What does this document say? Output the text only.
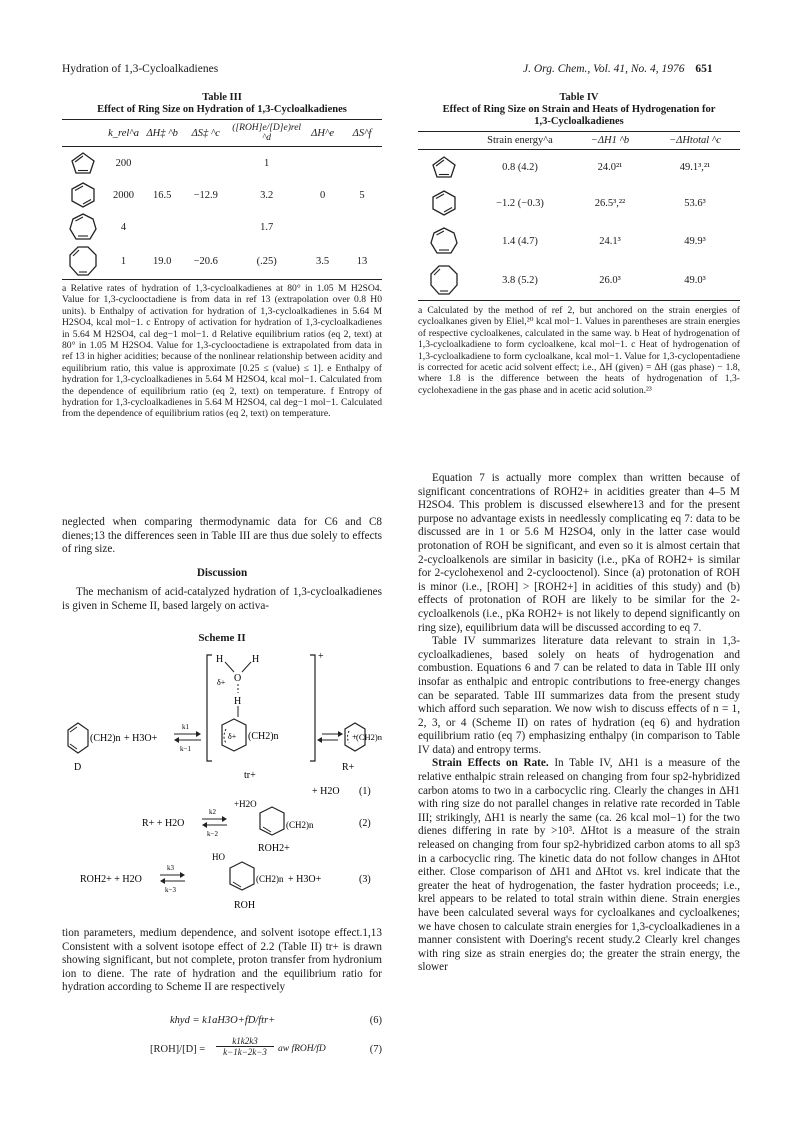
Hydration of 1,3-Cycloalkadienes	J. Org. Chem., Vol. 41, No. 4, 1976 651
Table III
Effect of Ring Size on Hydration of 1,3-Cycloalkadienes
	k_rel^a	ΔH‡ ^b	ΔS‡ ^c	([ROH]e/[D]e)rel ^d	ΔH^e	ΔS^f

	200			1		

	2000	16.5	−12.9	3.2	0	5

	4			1.7		

	1	19.0	−20.6	(.25)	3.5	13
a Relative rates of hydration of 1,3-cycloalkadienes at 80° in 1.05 M H2SO4. Value for 1,3-cyclooctadiene is from data in ref 13 (extrapolation over 0.8 H0 units). b Enthalpy of activation for hydration of 1,3-cycloalkadienes in 5.64 M H2SO4, kcal mol−1. c Entropy of activation for hydration of 1,3-cycloalkadienes in 5.64 M H2SO4, cal deg−1 mol−1. d Relative equilibrium ratios (eq 2, text) at 80° in 1.05 M H2SO4. Value for 1,3-cyclooctadiene is extrapolated from data in ref 13 in higher acidities; because of the nonlinear relationship between acidity and equilibrium ratio, this value is approximate [0.25 ≤ (value) ≤ 1]. e Enthalpy of hydration for 1,3-cycloalkadienes in 5.64 M H2SO4, kcal mol−1. Calculated from the dependence of equilibrium ratio (eq 2, text) on temperature. f Entropy of hydration for 1,3-cycloalkadienes in 5.64 M H2SO4, cal deg−1 mol−1. Calculated from the dependence of equilibrium ratios (eq 2, text) on temperature.

neglected when comparing thermodynamic data for C6 and C8 dienes;13 the differences seen in Table III are thus due solely to effects of ring size.

Discussion

The mechanism of acid-catalyzed hydration of 1,3-cycloalkadienes is given in Scheme II, based largely on activa-

Scheme II
(CH2)n + H3O+
D
k1
k−1
+
H	H
O
δ+
H
δ+ (CH2)n
tr+
+
(CH2)n
R+
+ H2O (1)
R+ + H2O
k2
k−2
+H2O
(CH2)n
ROH2+
(2)
ROH2+ + H2O
k3
k−3
HO
(CH2)n + H3O+	(3)
ROH

tion parameters, medium dependence, and solvent isotope effect.1,13 Consistent with a solvent isotope effect of 2.2 (Table II) tr+ is drawn showing significant, but not complete, proton transfer from hydronium ion to diene. The rate of hydration and the equilibrium ratio for hydration according to Scheme II are respectively

khyd = k1aH3O+fD/ftr+	(6)
$[ROH]/[D] = \frac{k1k2k3}{k-1k-2k-3}$ aw fROH/fD	(7)
Table IV
Effect of Ring Size on Strain and Heats of Hydrogenation for 1,3-Cycloalkadienes
	Strain energy^a	−ΔH1 ^b	−ΔHtotal ^c

	0.8 (4.2)	24.0²¹	49.1³,²¹

	−1.2 (−0.3)	26.5³,²²	53.6³

	1.4 (4.7)	24.1³	49.9³

	3.8 (5.2)	26.0³	49.0³
a Calculated by the method of ref 2, but anchored on the strain energies of cycloalkanes given by Eliel,²⁰ kcal mol−1. Values in parentheses are strain energies of respective cycloalkenes, calculated in the same way. b Heat of hydrogenation of 1,3-cycloalkadiene to form cycloalkene, kcal mol−1. c Heat of hydrogenation of 1,3-cycloalkadiene to form cycloalkane, kcal mol−1. Value for 1,3-cyclopentadiene is corrected for acetic acid solvent effect; i.e., ΔH (given) = ΔH (gas phase) − 1.8, where 1.8 is the difference between the heats of hydrogenation of 1,3-cyclohexadiene in the gas phase and in acetic acid solution.²³

Equation 7 is actually more complex than written because of significant concentrations of ROH2+ in acidities greater than 4–5 M H2SO4. This problem is discussed elsewhere13 and for the present purpose no advantage exists in needlessly complicating eq 7: data to be discussed are in 1 or 5.6 M H2SO4, only in the latter case would protonation of ROH be significant, and even so it is almost certain that 2-cycloalkenols are similar in basicity (i.e., pKa of ROH2+ is similar for 2-cyclohexenol and 2-cyclooctenol). Since (a) protonation of ROH is minor (i.e., [ROH] > [ROH2+] in acidities of this study) and (b) effects of protonation of ROH are likely to be similar for the 2-cycloalkenols (i.e., pKa ROH2+ is not likely to depend significantly on ring size), equilibrium data will be discussed according to eq 7.

Table IV summarizes literature data relevant to strain in 1,3-cycloalkadienes, based solely on heats of hydrogenation and combustion. Equations 6 and 7 can be related to data in Table III only insofar as enthalpic and entropic contributions to free-energy changes can be separated. Table III summarizes data from the present study which afford such separation. We now wish to discuss effects of n = 1, 2, 3, or 4 (Scheme II) on rates of hydration (eq 6) and hydration equilibrium ratio (eq 7) emphasizing enthalpy (in comparison to Table IV data) and entropy terms.

Strain Effects on Rate. In Table IV, ΔH1 is a measure of the relative enthalpic strain released on changing from four sp2-hybridized carbon atoms to two in a carbocyclic ring. Clearly the changes in ΔH1 with ring size do not parallel changes in relative rate recorded in Table III; strikingly, ΔH1 is nearly the same (ca. 26 kcal mol−1) for the two dienes differing in rate by >10³. ΔHtot is a measure of the strain released on changing from four sp2-hybridized carbon atoms to all sp3 in a carbocyclic ring. The kinetic data do not follow changes in ΔHtot either. Close comparison of ΔH1 and ΔHtot vs. krel indicate that the greater the heat of hydrogenation, the faster hydration proceeds; i.e., krel appears to be related to total strain within diene. Strain energies have been calculated several ways for cycloalkanes and cycloalkenes; we have chosen to calculate strain energies for 1,3-cycloalkadienes in a manner consistent with Doering's recent study.2 Clearly krel changes with ring size as strain energies do; the greater the strain energy, the slower
